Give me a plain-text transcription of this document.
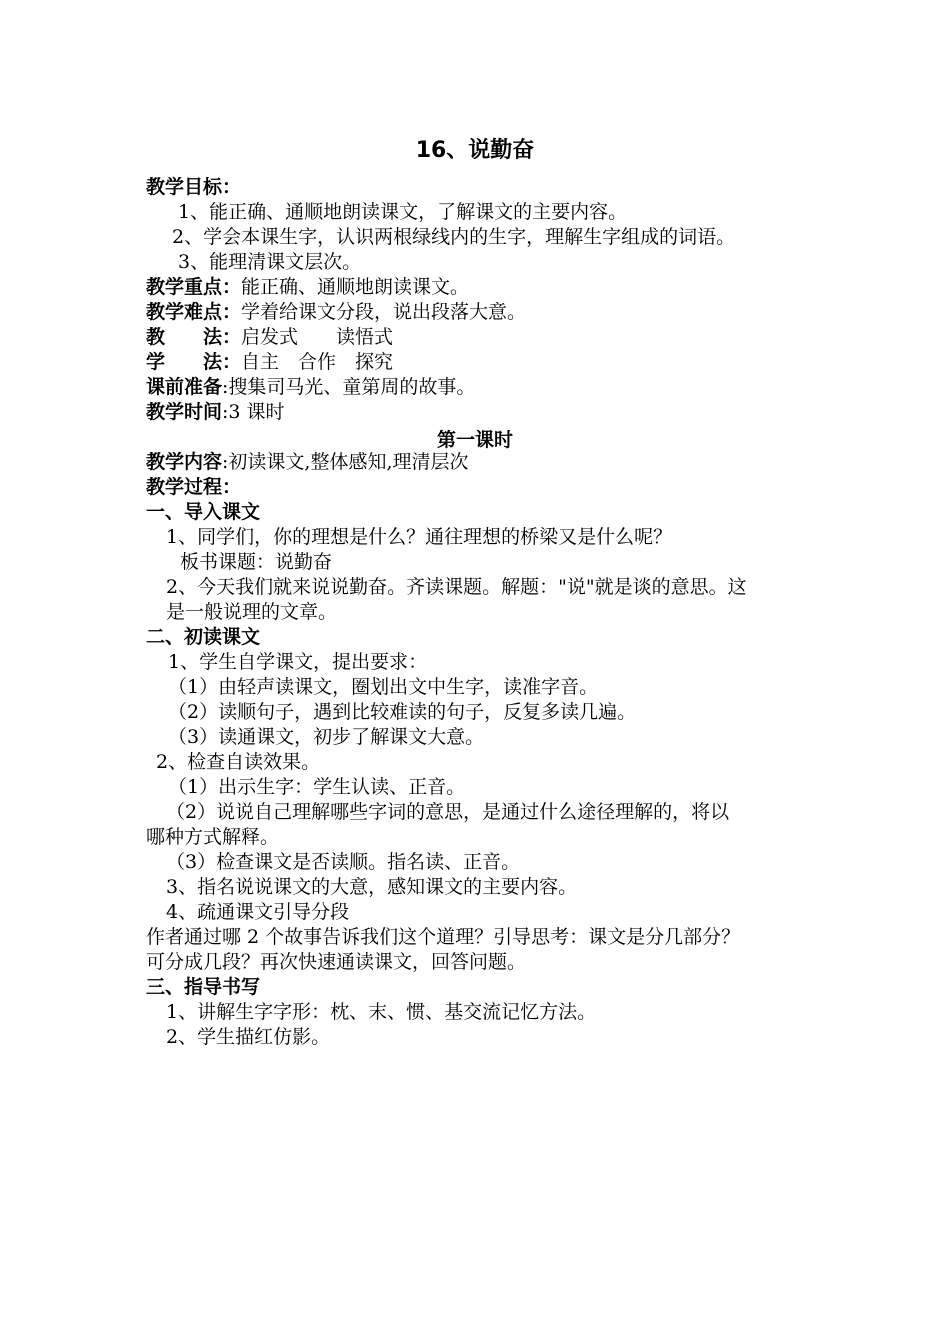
16、说勤奋
教学目标：
1、能正确、通顺地朗读课文，了解课文的主要内容。
2、学会本课生字，认识两根绿线内的生字，理解生字组成的词语。
3、能理清课文层次。
教学重点：能正确、通顺地朗读课文。
教学难点：学着给课文分段，说出段落大意。
教　　法：启发式　　读悟式
学　　法：自主　合作　探究
课前准备:搜集司马光、童第周的故事。
教学时间:3 课时
第一课时
教学内容:初读课文,整体感知,理清层次
教学过程：
一、导入课文
1、同学们，你的理想是什么？通往理想的桥梁又是什么呢？
板书课题：说勤奋
2、今天我们就来说说勤奋。齐读课题。解题："说"就是谈的意思。这
是一般说理的文章。
二、初读课文
1、学生自学课文，提出要求：
（1）由轻声读课文，圈划出文中生字，读准字音。
（2）读顺句子，遇到比较难读的句子，反复多读几遍。
（3）读通课文，初步了解课文大意。
2、检查自读效果。
（1）出示生字：学生认读、正音。
（2）说说自己理解哪些字词的意思，是通过什么途径理解的，将以
哪种方式解释。
（3）检查课文是否读顺。指名读、正音。
3、指名说说课文的大意，感知课文的主要内容。
4、疏通课文引导分段
作者通过哪 2 个故事告诉我们这个道理？引导思考：课文是分几部分？
可分成几段？再次快速通读课文，回答问题。
三、指导书写
1、讲解生字字形：枕、末、惯、基交流记忆方法。
2、学生描红仿影。
